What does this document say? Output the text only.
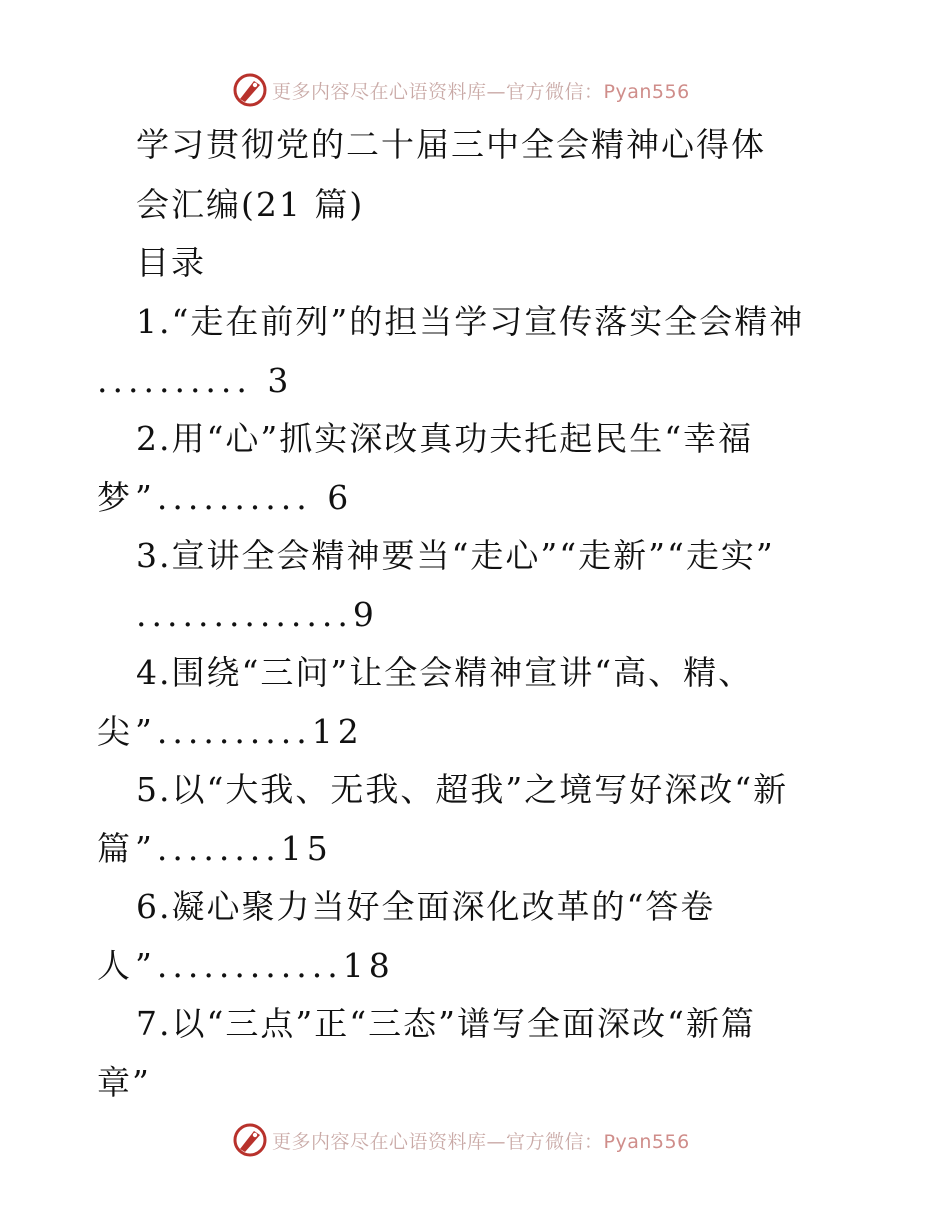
更多内容尽在心语资料库—官方微信：Pyan556
学习贯彻党的二十届三中全会精神心得体
会汇编(21 篇)
目录
1.“走在前列”的担当学习宣传落实全会精神
.......... 3
2.用“心”抓实深改真功夫托起民生“幸福
梦”.......... 6
3.宣讲全会精神要当“走心”“走新”“走实”
..............9
4.围绕“三问”让全会精神宣讲“高、精、
尖”..........12
5.以“大我、无我、超我”之境写好深改“新
篇”........15
6.凝心聚力当好全面深化改革的“答卷
人”............18
7.以“三点”正“三态”谱写全面深改“新篇
章”
更多内容尽在心语资料库—官方微信：Pyan556
